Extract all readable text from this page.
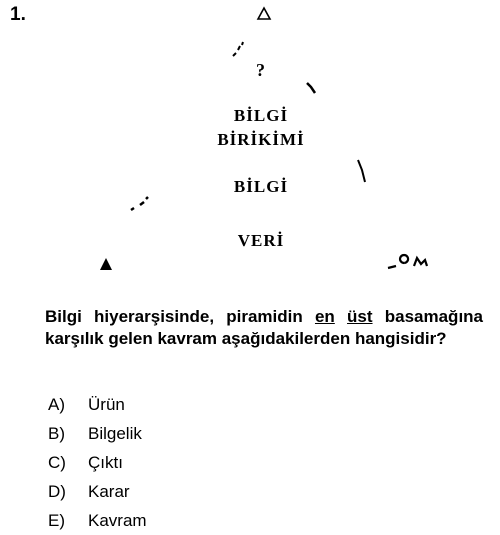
1.
?
BİLGİ BİRİKİMİ
BİLGİ
VERİ
Bilgi hiyerarşisinde, piramidin en üst basamağına karşılık gelen kavram aşağıdakilerden hangisidir?
A)	Ürün
B)	Bilgelik
C)	Çıktı
D)	Karar
E)	Kavram
